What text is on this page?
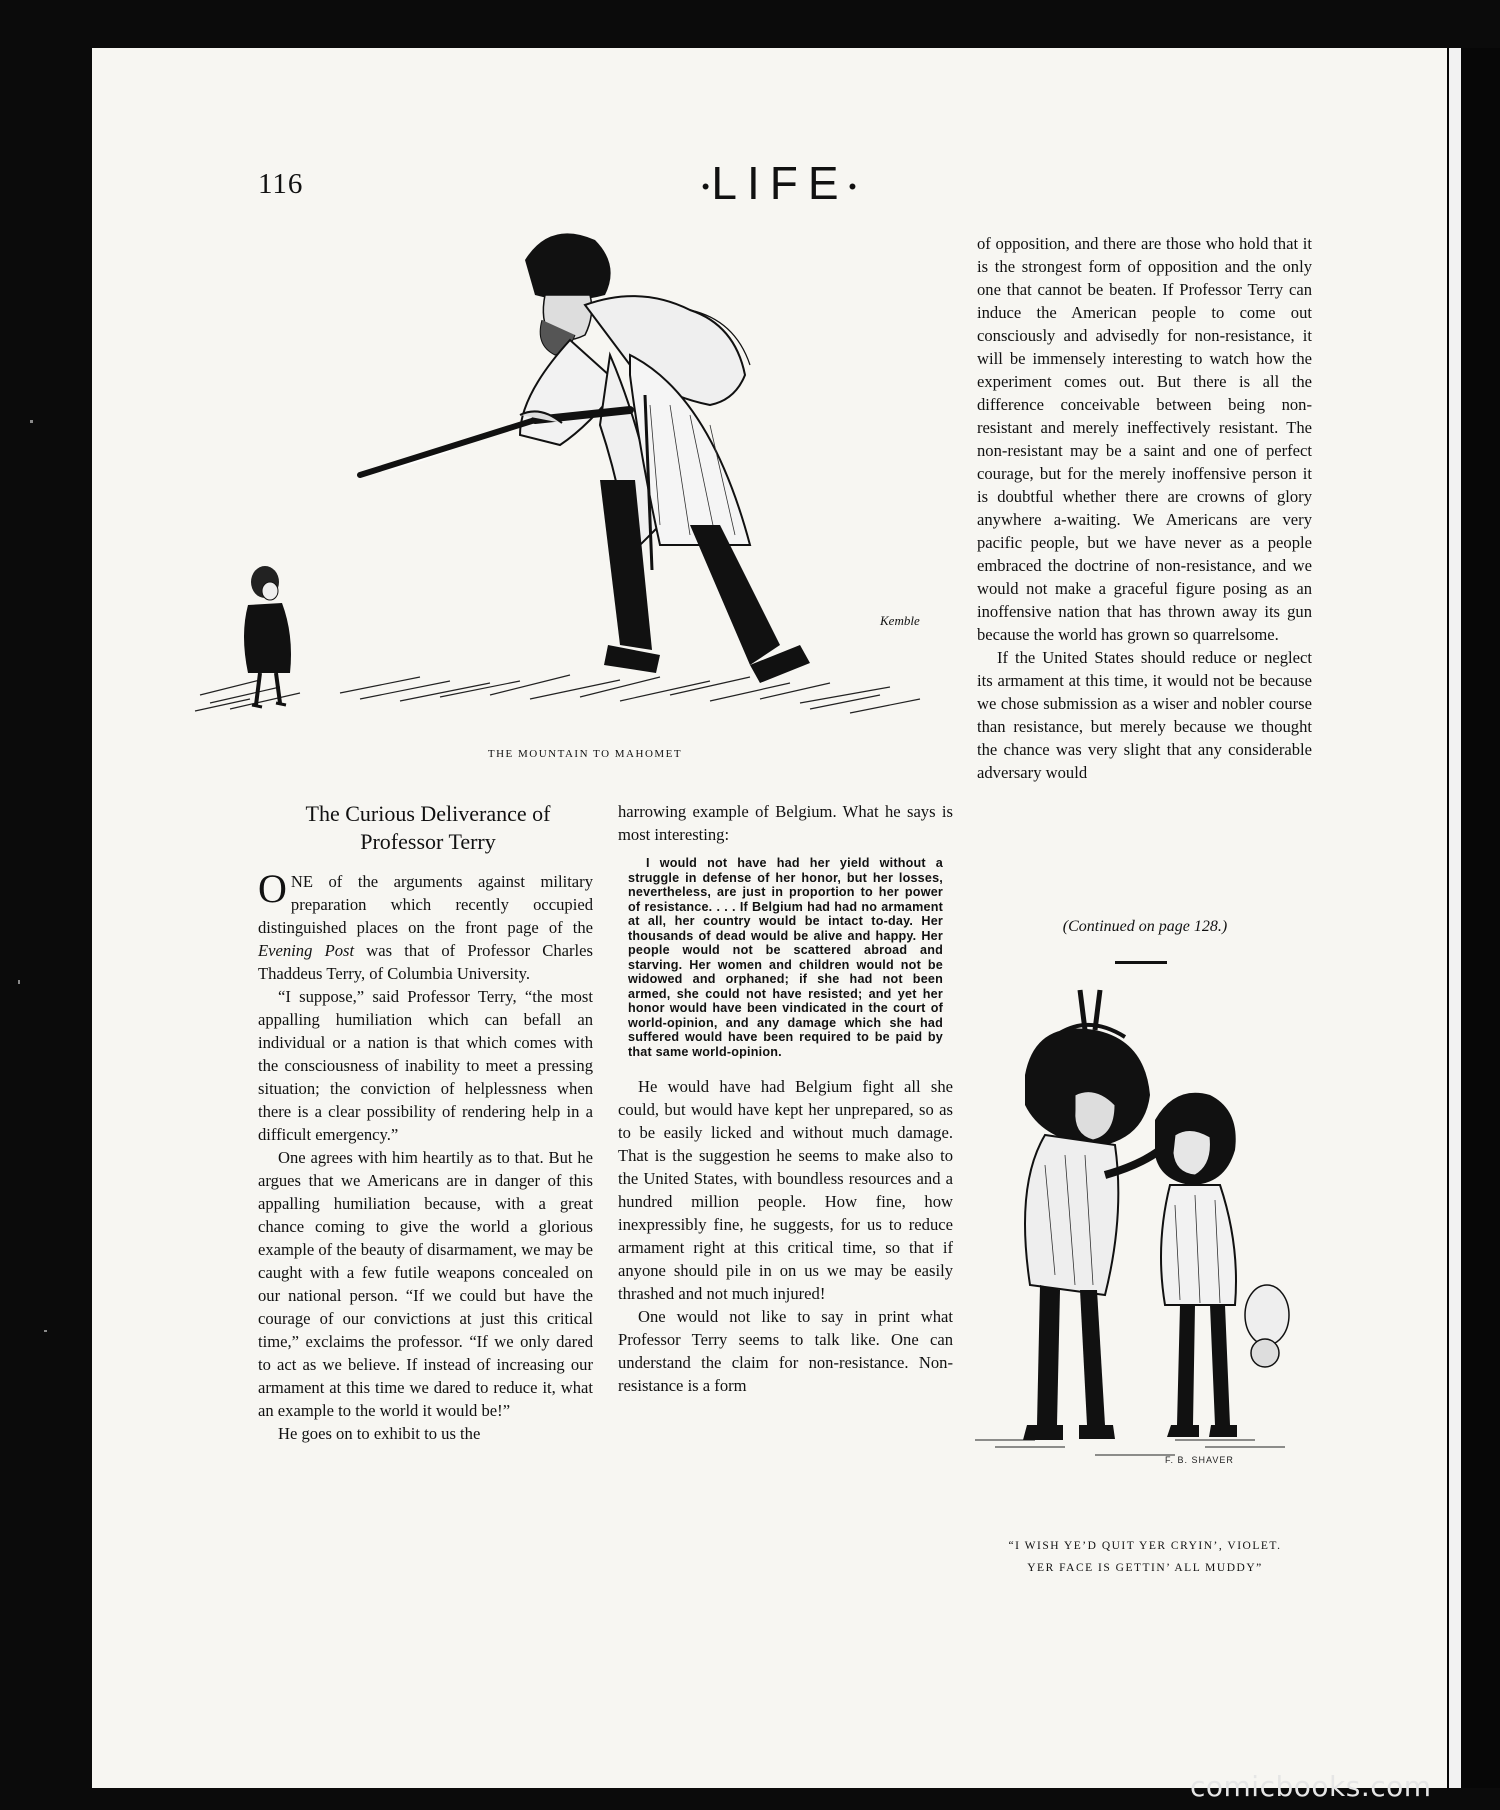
116	•LIFE•
Kemble
THE MOUNTAIN TO MAHOMET
The Curious Deliverance of
Professor Terry

ONE of the arguments against military preparation which recently occupied distinguished places on the front page of the Evening Post was that of Professor Charles Thaddeus Terry, of Columbia University.

“I suppose,” said Professor Terry, “the most appalling humiliation which can befall an individual or a nation is that which comes with the consciousness of inability to meet a pressing situation; the conviction of helplessness when there is a clear possibility of rendering help in a difficult emergency.”

One agrees with him heartily as to that. But he argues that we Americans are in danger of this appalling humiliation because, with a great chance coming to give the world a glorious example of the beauty of disarmament, we may be caught with a few futile weapons concealed on our national person. “If we could but have the courage of our convictions at just this critical time,” exclaims the professor. “If we only dared to act as we believe. If instead of increasing our armament at this time we dared to reduce it, what an example to the world it would be!”

He goes on to exhibit to us the

harrowing example of Belgium. What he says is most interesting:

I would not have had her yield without a struggle in defense of her honor, but her losses, nevertheless, are just in proportion to her power of resistance. . . . If Belgium had had no armament at all, her country would be intact to-day. Her thousands of dead would be alive and happy. Her people would not be scattered abroad and starving. Her women and children would not be widowed and orphaned; if she had not been armed, she could not have resisted; and yet her honor would have been vindicated in the court of world-opinion, and any damage which she had suffered would have been required to be paid by that same world-opinion.

He would have had Belgium fight all she could, but would have kept her unprepared, so as to be easily licked and without much damage. That is the suggestion he seems to make also to the United States, with boundless resources and a hundred million people. How fine, how inexpressibly fine, he suggests, for us to reduce armament right at this critical time, so that if anyone should pile in on us we may be easily thrashed and not much injured!

One would not like to say in print what Professor Terry seems to talk like. One can understand the claim for non-resistance. Non-resistance is a form

of opposition, and there are those who hold that it is the strongest form of opposition and the only one that cannot be beaten. If Professor Terry can induce the American people to come out consciously and advisedly for non-resistance, it will be immensely interesting to watch how the experiment comes out. But there is all the difference conceivable between being non-resistant and merely ineffectively resistant. The non-resistant may be a saint and one of perfect courage, but for the merely inoffensive person it is doubtful whether there are crowns of glory anywhere a-waiting. We Americans are very pacific people, but we have never as a people embraced the doctrine of non-resistance, and we would not make a graceful figure posing as an inoffensive nation that has thrown away its gun because the world has grown so quarrelsome.

If the United States should reduce or neglect its armament at this time, it would not be because we chose submission as a wiser and nobler course than resistance, but merely because we thought the chance was very slight that any considerable adversary would

(Continued on page 128.)
F. B. SHAVER
“I WISH YE’D QUIT YER CRYIN’, VIOLET.
YER FACE IS GETTIN’ ALL MUDDY”
comicbooks.com
